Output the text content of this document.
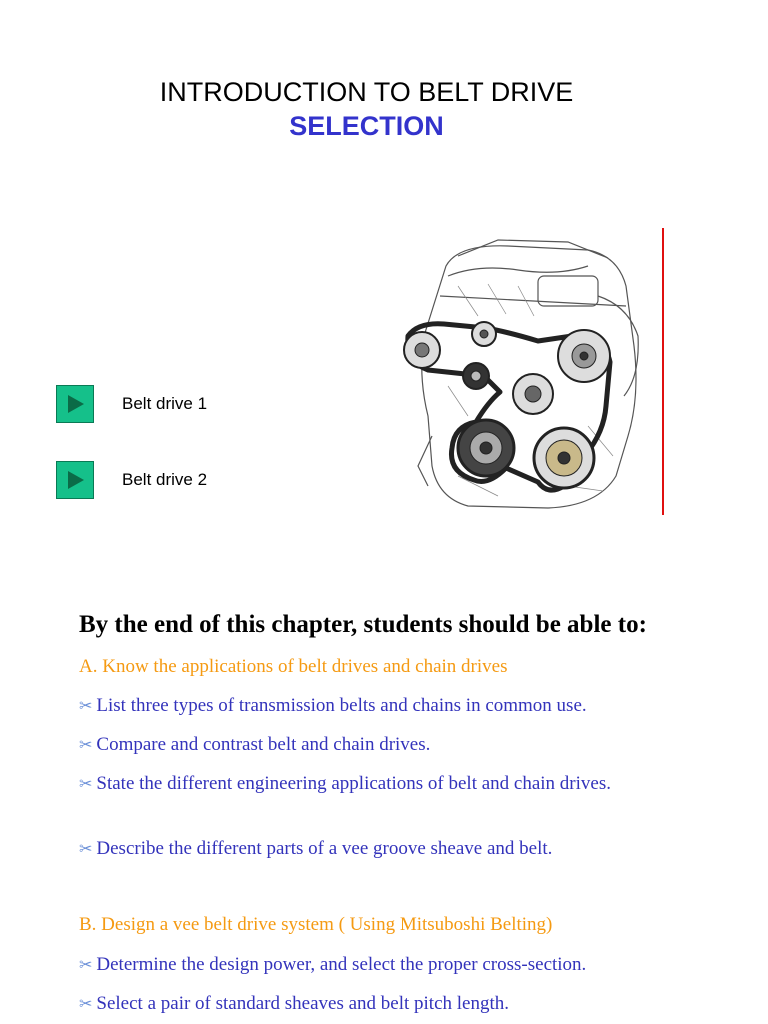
INTRODUCTION TO BELT DRIVE
SELECTION
Belt drive 1
Belt drive 2
By the end of this chapter, students should be able to:
A. Know the applications of belt drives and chain drives
✂ List three types of transmission belts and chains in common use.
✂ Compare and contrast belt and chain drives.
✂ State the different engineering applications of belt and chain drives.
✂ Describe the different parts of a vee groove sheave and belt.
B. Design a vee belt drive system ( Using Mitsuboshi Belting)
✂ Determine the design power, and select the proper cross-section.
✂ Select a pair of standard sheaves and belt pitch length.
